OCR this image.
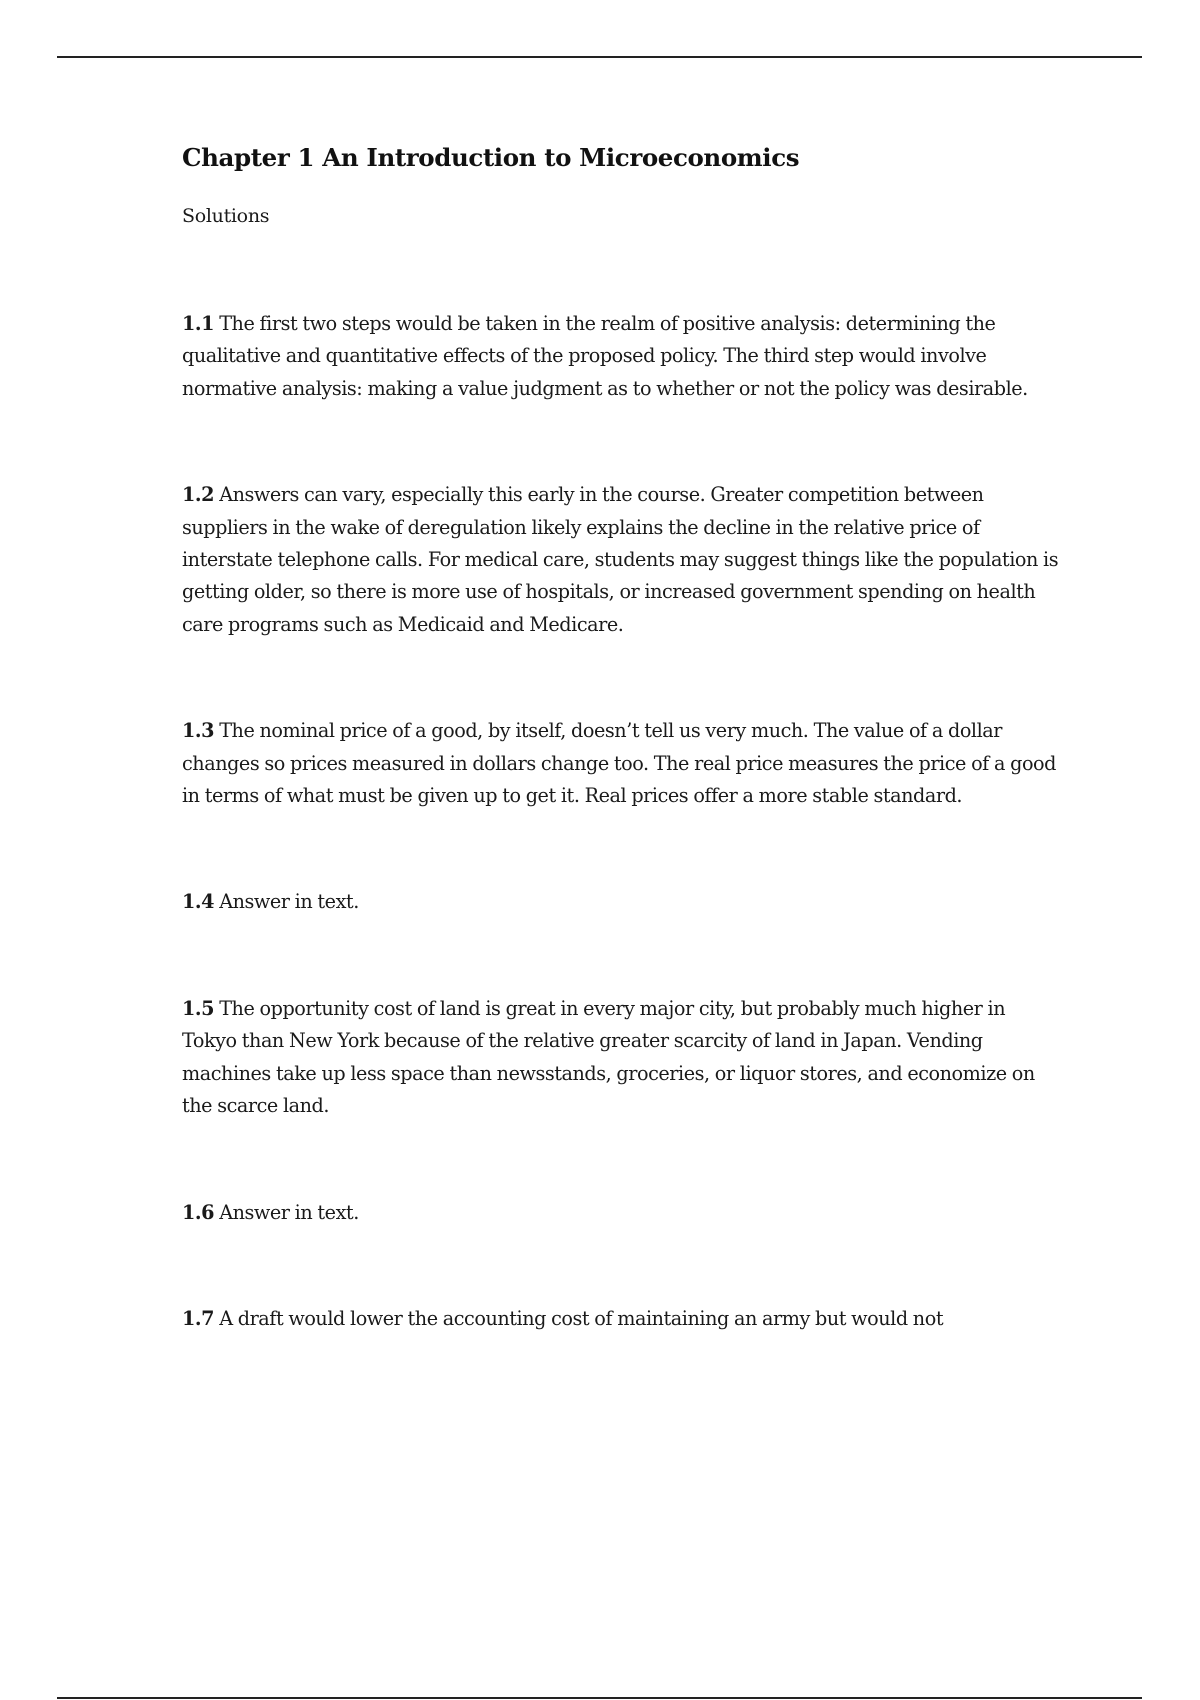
Chapter 1 An Introduction to Microeconomics

Solutions

1.1 The first two steps would be taken in the realm of positive analysis: determining the qualitative and quantitative effects of the proposed policy. The third step would involve normative analysis: making a value judgment as to whether or not the policy was desirable.

1.2 Answers can vary, especially this early in the course. Greater competition between suppliers in the wake of deregulation likely explains the decline in the relative price of interstate telephone calls. For medical care, students may suggest things like the population is getting older, so there is more use of hospitals, or increased government spending on health care programs such as Medicaid and Medicare.

1.3 The nominal price of a good, by itself, doesn’t tell us very much. The value of a dollar changes so prices measured in dollars change too. The real price measures the price of a good in terms of what must be given up to get it. Real prices offer a more stable standard.

1.4 Answer in text.

1.5 The opportunity cost of land is great in every major city, but probably much higher in Tokyo than New York because of the relative greater scarcity of land in Japan. Vending machines take up less space than newsstands, groceries, or liquor stores, and economize on the scarce land.

1.6 Answer in text.

1.7 A draft would lower the accounting cost of maintaining an army but would not
